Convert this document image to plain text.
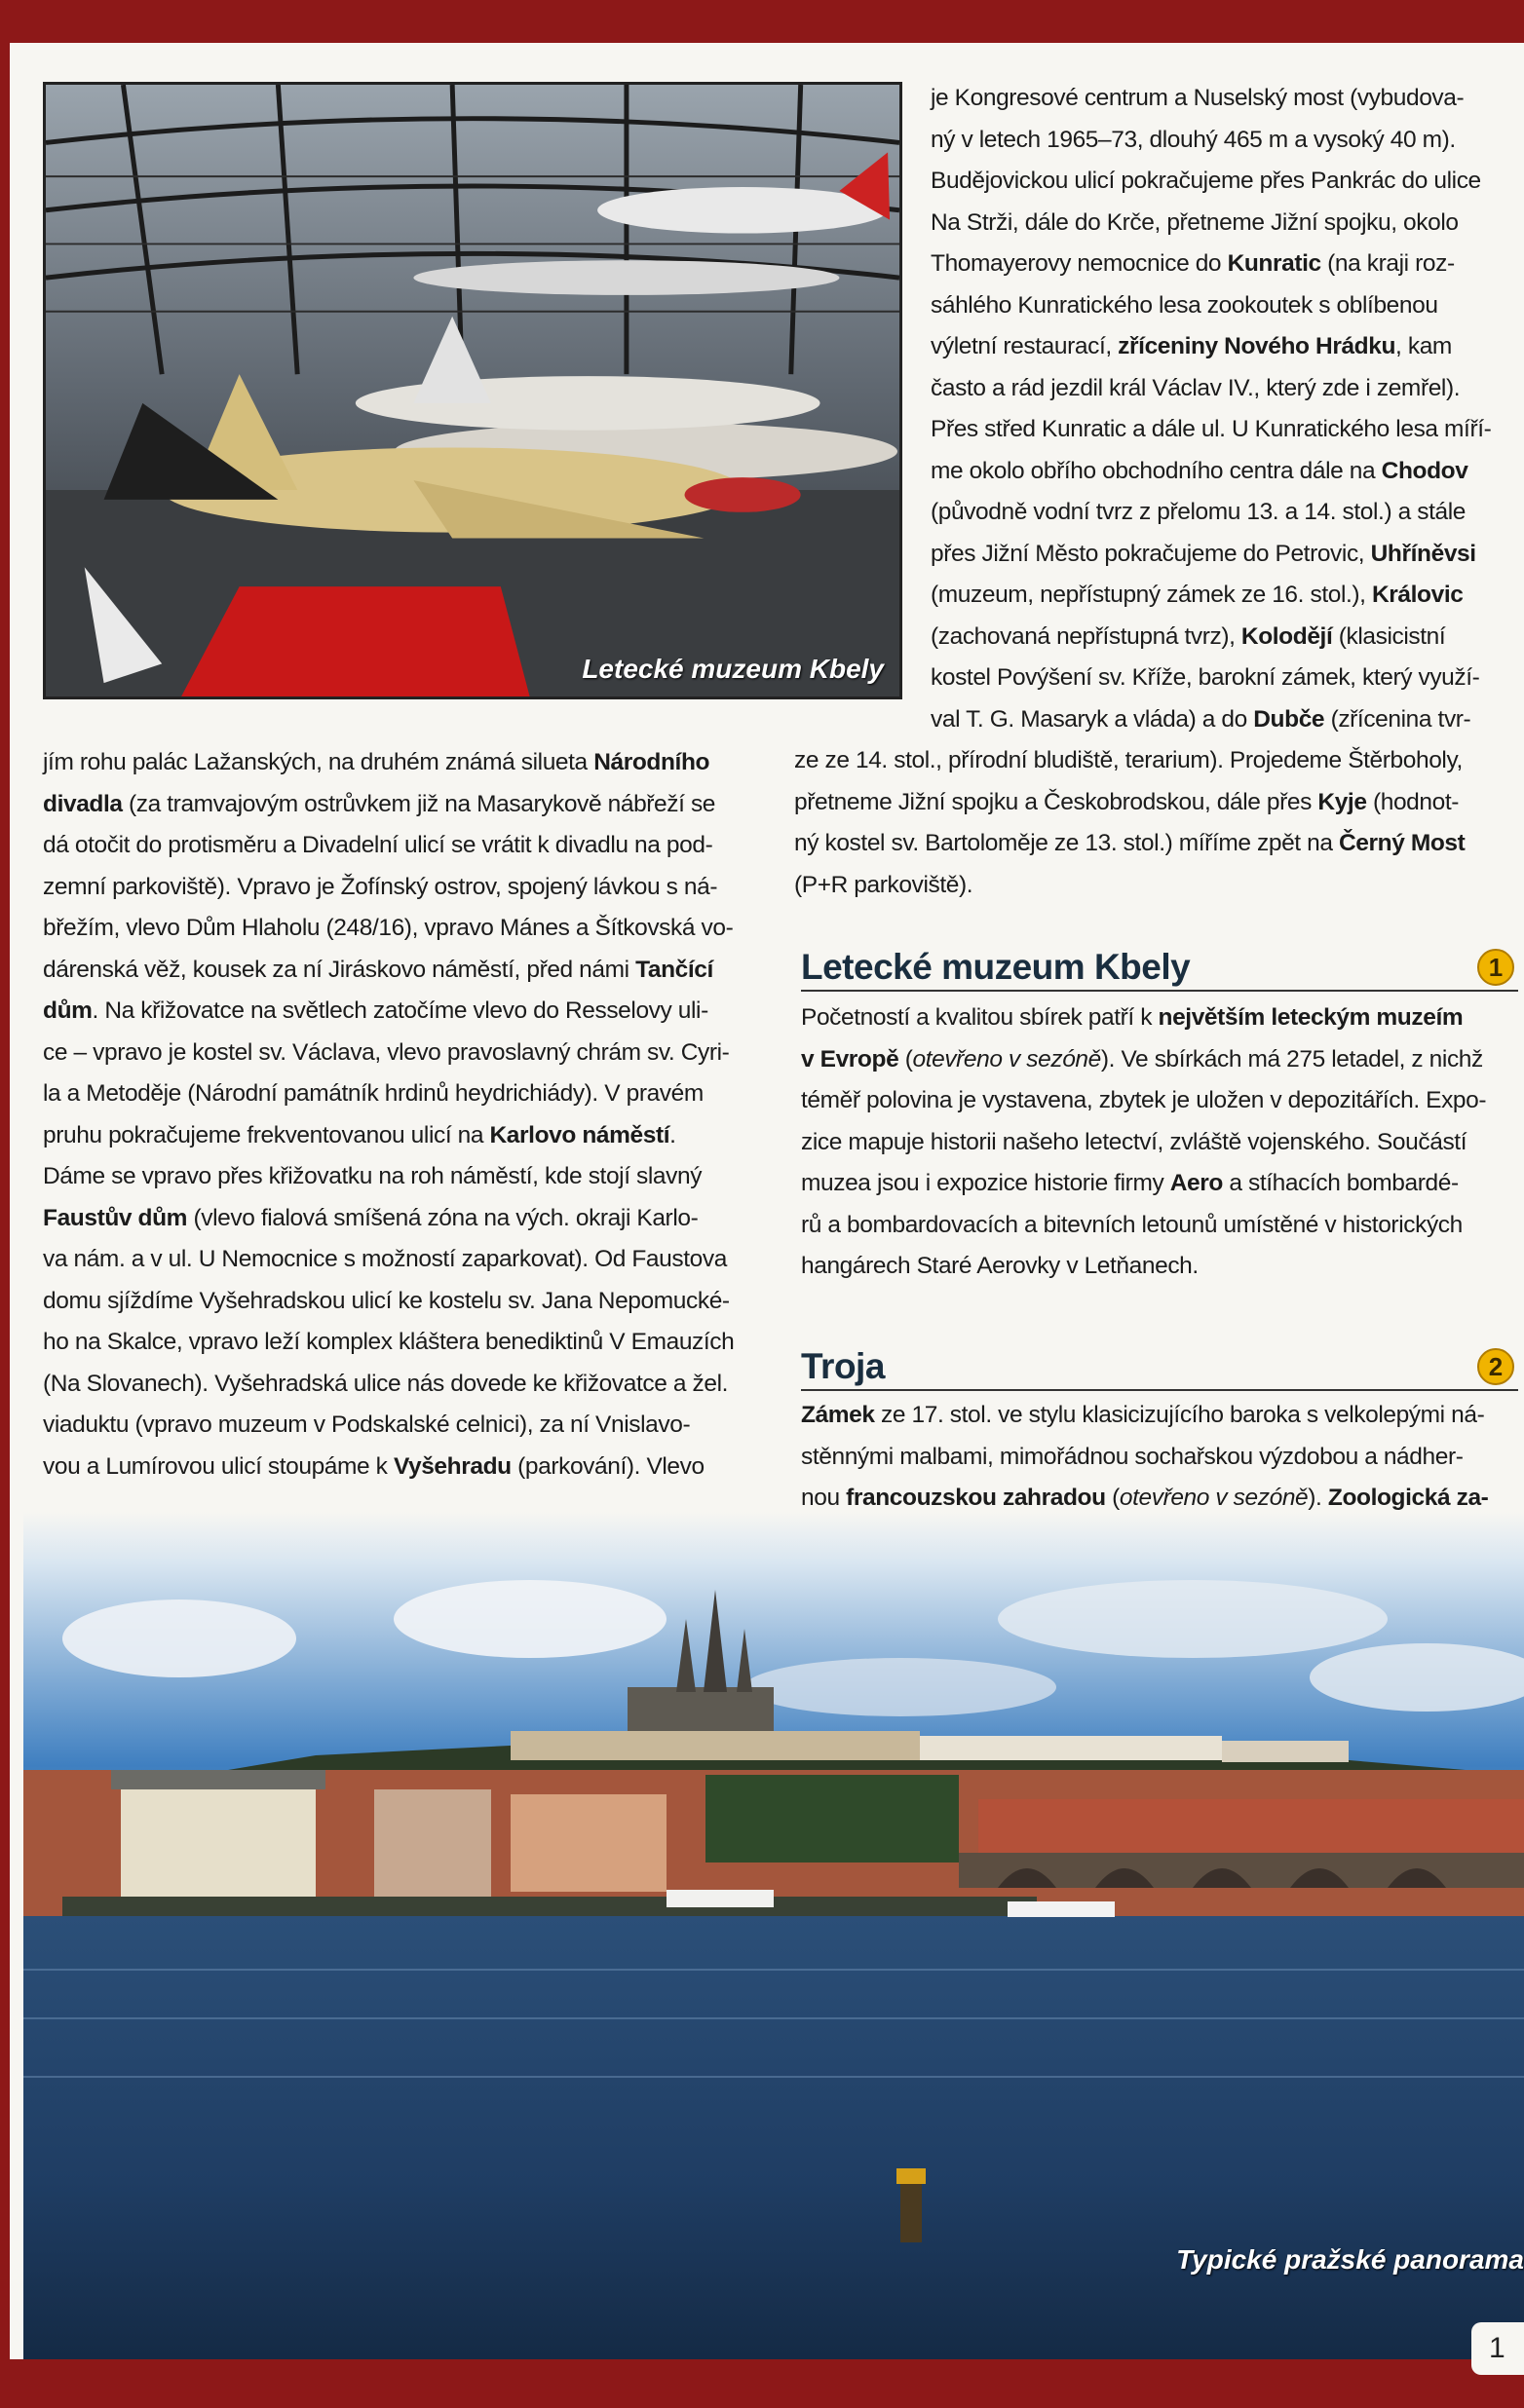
Letecké muzeum Kbely
je Kongresové centrum a Nuselský most (vybudova-
ný v letech 1965–73, dlouhý 465 m a vysoký 40 m).
Budějovickou ulicí pokračujeme přes Pankrác do ulice
Na Strži, dále do Krče, přetneme Jižní spojku, okolo
Thomayerovy nemocnice do Kunratic (na kraji roz-
sáhlého Kunratického lesa zookoutek s oblíbenou
výletní restaurací, zříceniny Nového Hrádku, kam
často a rád jezdil král Václav IV., který zde i zemřel).
Přes střed Kunratic a dále ul. U Kunratického lesa míří-
me okolo obřího obchodního centra dále na Chodov
(původně vodní tvrz z přelomu 13. a 14. stol.) a stále
přes Jižní Město pokračujeme do Petrovic, Uhříněvsi
(muzeum, nepřístupný zámek ze 16. stol.), Královic
(zachovaná nepřístupná tvrz), Kolodějí (klasicistní
kostel Povýšení sv. Kříže, barokní zámek, který využí-
val T. G. Masaryk a vláda) a do Dubče (zřícenina tvr-
ze ze 14. stol., přírodní bludiště, terarium). Projedeme Štěrboholy,
přetneme Jižní spojku a Českobrodskou, dále přes Kyje (hodnot-
ný kostel sv. Bartoloměje ze 13. stol.) míříme zpět na Černý Most
(P+R parkoviště).
jím rohu palác Lažanských, na druhém známá silueta Národního
divadla (za tramvajovým ostrůvkem již na Masarykově nábřeží se
dá otočit do protisměru a Divadelní ulicí se vrátit k divadlu na pod-
zemní parkoviště). Vpravo je Žofínský ostrov, spojený lávkou s ná-
břežím, vlevo Dům Hlaholu (248/16), vpravo Mánes a Šítkovská vo-
dárenská věž, kousek za ní Jiráskovo náměstí, před námi Tančící
dům. Na křižovatce na světlech zatočíme vlevo do Resselovy uli-
ce – vpravo je kostel sv. Václava, vlevo pravoslavný chrám sv. Cyri-
la a Metoděje (Národní památník hrdinů heydrichiády). V pravém
pruhu pokračujeme frekventovanou ulicí na Karlovo náměstí.
Dáme se vpravo přes křižovatku na roh náměstí, kde stojí slavný
Faustův dům (vlevo fialová smíšená zóna na vých. okraji Karlo-
va nám. a v ul. U Nemocnice s možností zaparkovat). Od Faustova
domu sjíždíme Vyšehradskou ulicí ke kostelu sv. Jana Nepomucké-
ho na Skalce, vpravo leží komplex kláštera benediktinů V Emauzích
(Na Slovanech). Vyšehradská ulice nás dovede ke křižovatce a žel.
viaduktu (vpravo muzeum v Podskalské celnici), za ní Vnislavo-
vou a Lumírovou ulicí stoupáme k Vyšehradu (parkování). Vlevo
Letecké muzeum Kbely	1
Početností a kvalitou sbírek patří k největším leteckým muzeím
v Evropě (otevřeno v sezóně). Ve sbírkách má 275 letadel, z nichž
téměř polovina je vystavena, zbytek je uložen v depozitářích. Expo-
zice mapuje historii našeho letectví, zvláště vojenského. Součástí
muzea jsou i expozice historie firmy Aero a stíhacích bombardé-
rů a bombardovacích a bitevních letounů umístěné v historických
hangárech Staré Aerovky v Letňanech.
Troja	2
Zámek ze 17. stol. ve stylu klasicizujícího baroka s velkolepými ná-
stěnnými malbami, mimořádnou sochařskou výzdobou a nádher-
nou francouzskou zahradou (otevřeno v sezóně). Zoologická za-
Typické pražské panorama
1
